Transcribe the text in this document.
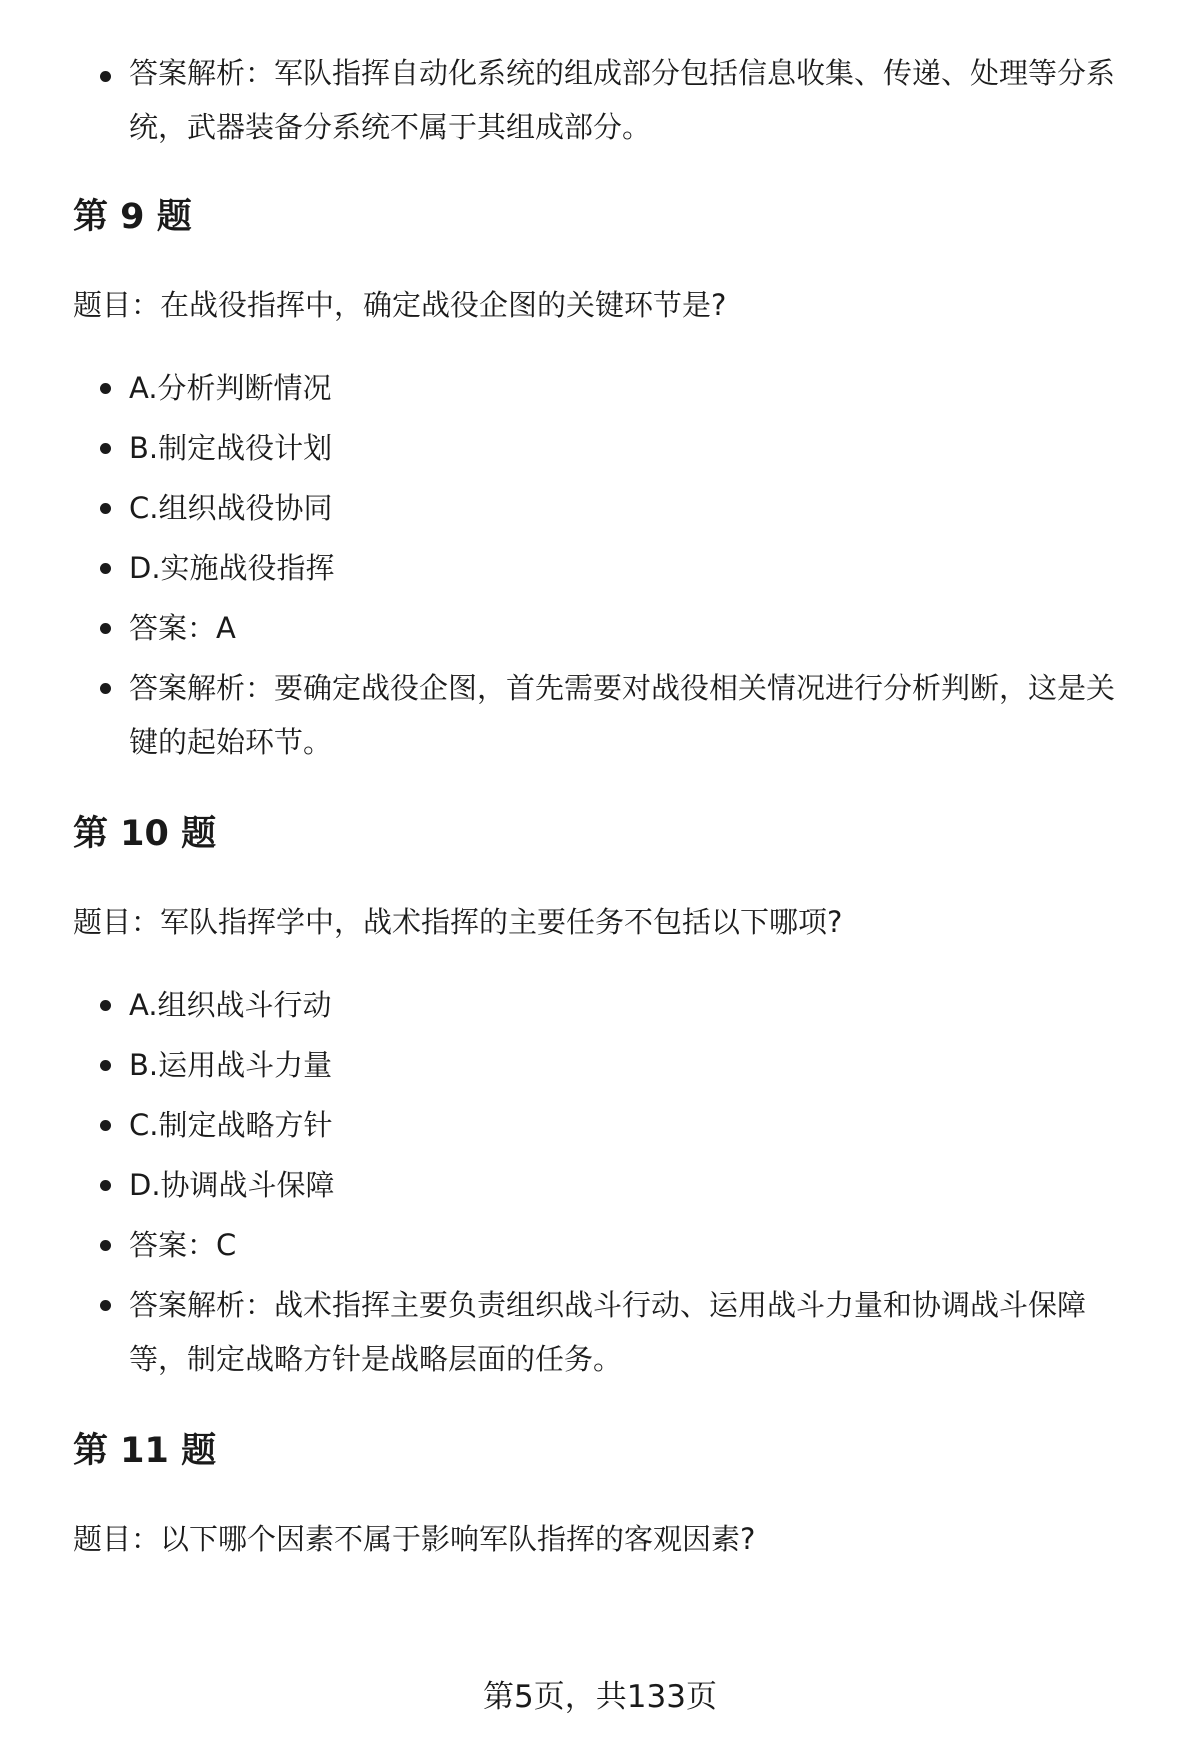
答案解析：军队指挥自动化系统的组成部分包括信息收集、传递、处理等分系统，武器装备分系统不属于其组成部分。
第 9 题

题目：在战役指挥中，确定战役企图的关键环节是?

A.分析判断情况
B.制定战役计划
C.组织战役协同
D.实施战役指挥
答案：A
答案解析：要确定战役企图，首先需要对战役相关情况进行分析判断，这是关键的起始环节。
第 10 题

题目：军队指挥学中，战术指挥的主要任务不包括以下哪项?

A.组织战斗行动
B.运用战斗力量
C.制定战略方针
D.协调战斗保障
答案：C
答案解析：战术指挥主要负责组织战斗行动、运用战斗力量和协调战斗保障等，制定战略方针是战略层面的任务。
第 11 题

题目：以下哪个因素不属于影响军队指挥的客观因素?

第5页，共133页
